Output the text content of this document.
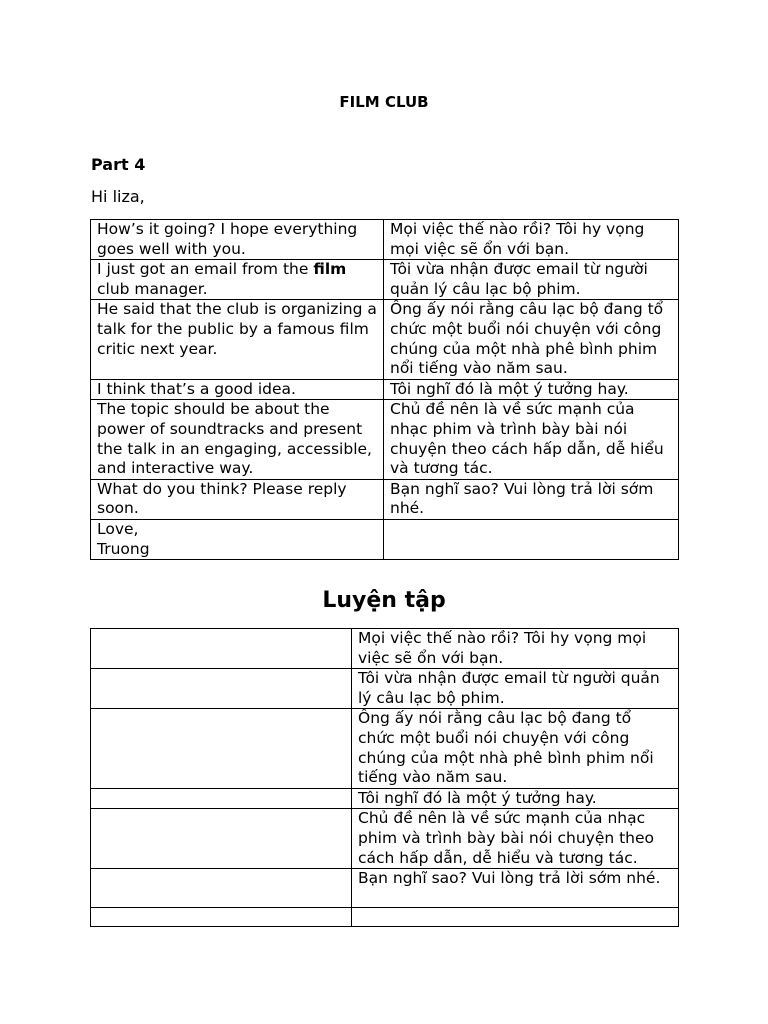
FILM CLUB
Part 4
Hi liza,
How’s it going? I hope everything goes well with you.	Mọi việc thế nào rồi? Tôi hy vọng mọi việc sẽ ổn với bạn.
I just got an email from the film club manager.	Tôi vừa nhận được email từ người quản lý câu lạc bộ phim.
He said that the club is organizing a talk for the public by a famous film critic next year.	Ông ấy nói rằng câu lạc bộ đang tổ chức một buổi nói chuyện với công chúng của một nhà phê bình phim nổi tiếng vào năm sau.
I think that’s a good idea.	Tôi nghĩ đó là một ý tưởng hay.
The topic should be about the power of soundtracks and present the talk in an engaging, accessible, and interactive way.	Chủ đề nên là về sức mạnh của nhạc phim và trình bày bài nói chuyện theo cách hấp dẫn, dễ hiểu và tương tác.
What do you think? Please reply soon.	Bạn nghĩ sao? Vui lòng trả lời sớm nhé.

Love,
Truong	

Luyện tập
	Mọi việc thế nào rồi? Tôi hy vọng mọi việc sẽ ổn với bạn.
	Tôi vừa nhận được email từ người quản lý câu lạc bộ phim.
	Ông ấy nói rằng câu lạc bộ đang tổ chức một buổi nói chuyện với công chúng của một nhà phê bình phim nổi tiếng vào năm sau.
	Tôi nghĩ đó là một ý tưởng hay.
	Chủ đề nên là về sức mạnh của nhạc phim và trình bày bài nói chuyện theo cách hấp dẫn, dễ hiểu và tương tác.
	Bạn nghĩ sao? Vui lòng trả lời sớm nhé.
